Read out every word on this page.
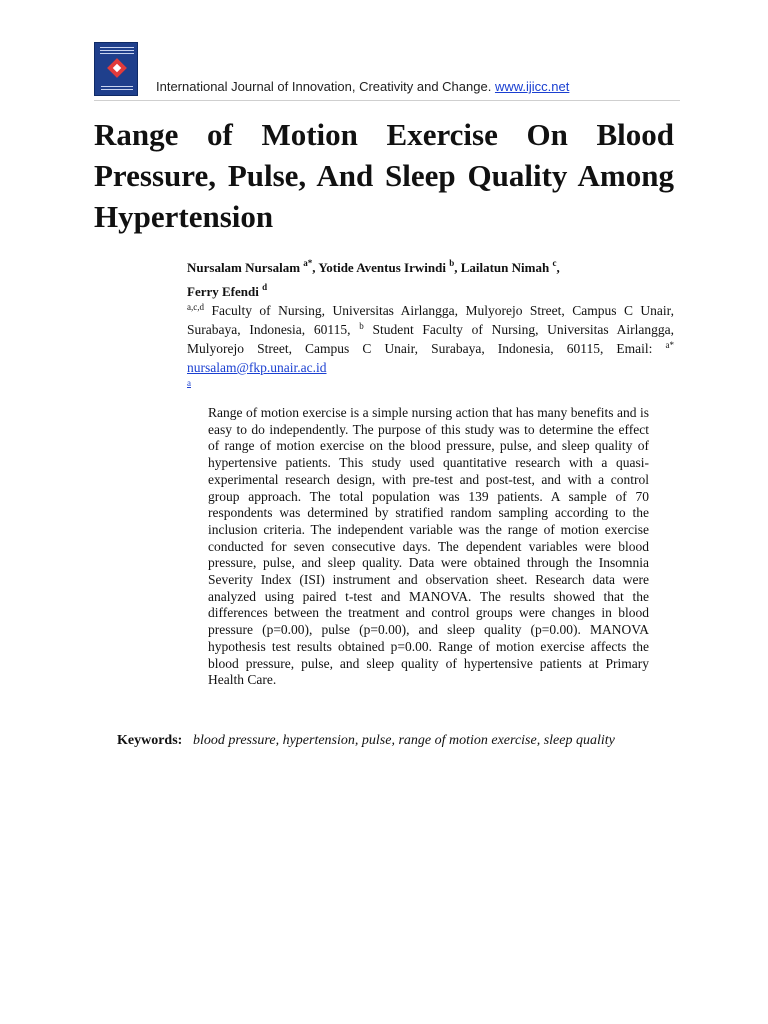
International Journal of Innovation, Creativity and Change. www.ijicc.net
Range of Motion Exercise On Blood Pressure, Pulse, And Sleep Quality Among Hypertension

Nursalam Nursalam $^{a*}$, Yotide Aventus Irwindi $^b$, Lailatun Nimah $^c$,
Ferry Efendi $^d$

$^{a,c,d}$ Faculty of Nursing, Universitas Airlangga, Mulyorejo Street, Campus C Unair, Surabaya, Indonesia, 60115, $^b$ Student Faculty of Nursing, Universitas Airlangga, Mulyorejo Street, Campus C Unair, Surabaya, Indonesia, 60115, Email: $^{a*}$ nursalam@fkp.unair.ac.id

a

Range of motion exercise is a simple nursing action that has many benefits and is easy to do independently. The purpose of this study was to determine the effect of range of motion exercise on the blood pressure, pulse, and sleep quality of hypertensive patients. This study used quantitative research with a quasi-experimental research design, with pre-test and post-test, and with a control group approach. The total population was 139 patients. A sample of 70 respondents was determined by stratified random sampling according to the inclusion criteria. The independent variable was the range of motion exercise conducted for seven consecutive days. The dependent variables were blood pressure, pulse, and sleep quality. Data were obtained through the Insomnia Severity Index (ISI) instrument and observation sheet. Research data were analyzed using paired t-test and MANOVA. The results showed that the differences between the treatment and control groups were changes in blood pressure (p=0.00), pulse (p=0.00), and sleep quality (p=0.00). MANOVA hypothesis test results obtained p=0.00. Range of motion exercise affects the blood pressure, pulse, and sleep quality of hypertensive patients at Primary Health Care.

Keywords: blood pressure, hypertension, pulse, range of motion exercise, sleep quality
